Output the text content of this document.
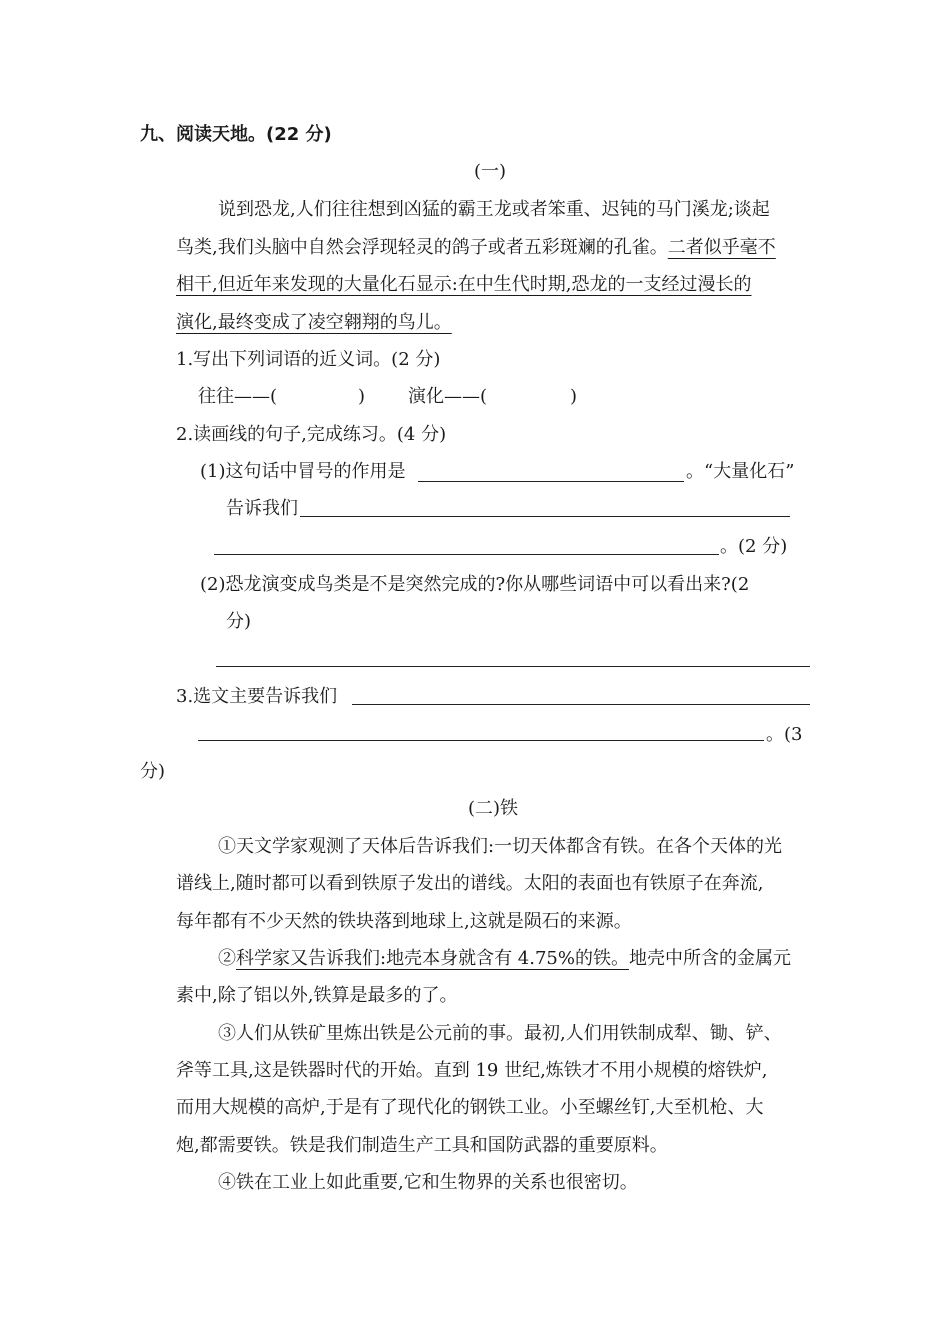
九、阅读天地。(22 分)
(一)
说到恐龙,人们往往想到凶猛的霸王龙或者笨重、迟钝的马门溪龙;谈起
鸟类,我们头脑中自然会浮现轻灵的鸽子或者五彩斑斓的孔雀。二者似乎毫不
相干,但近年来发现的大量化石显示:在中生代时期,恐龙的一支经过漫长的
演化,最终变成了凌空翱翔的鸟儿。
1.写出下列词语的近义词。(2 分)
往往——(	) 演化——(	)
2.读画线的句子,完成练习。(4 分)
(1)这句话中冒号的作用是	。“大量化石”
告诉我们
。(2 分)
(2)恐龙演变成鸟类是不是突然完成的?你从哪些词语中可以看出来?(2
分)
3.选文主要告诉我们
。(3
分)
(二)铁
①天文学家观测了天体后告诉我们:一切天体都含有铁。在各个天体的光
谱线上,随时都可以看到铁原子发出的谱线。太阳的表面也有铁原子在奔流,
每年都有不少天然的铁块落到地球上,这就是陨石的来源。
②科学家又告诉我们:地壳本身就含有 4.75%的铁。地壳中所含的金属元
素中,除了铝以外,铁算是最多的了。
③人们从铁矿里炼出铁是公元前的事。最初,人们用铁制成犁、锄、铲、
斧等工具,这是铁器时代的开始。直到 19 世纪,炼铁才不用小规模的熔铁炉,
而用大规模的高炉,于是有了现代化的钢铁工业。小至螺丝钉,大至机枪、大
炮,都需要铁。铁是我们制造生产工具和国防武器的重要原料。
④铁在工业上如此重要,它和生物界的关系也很密切。
